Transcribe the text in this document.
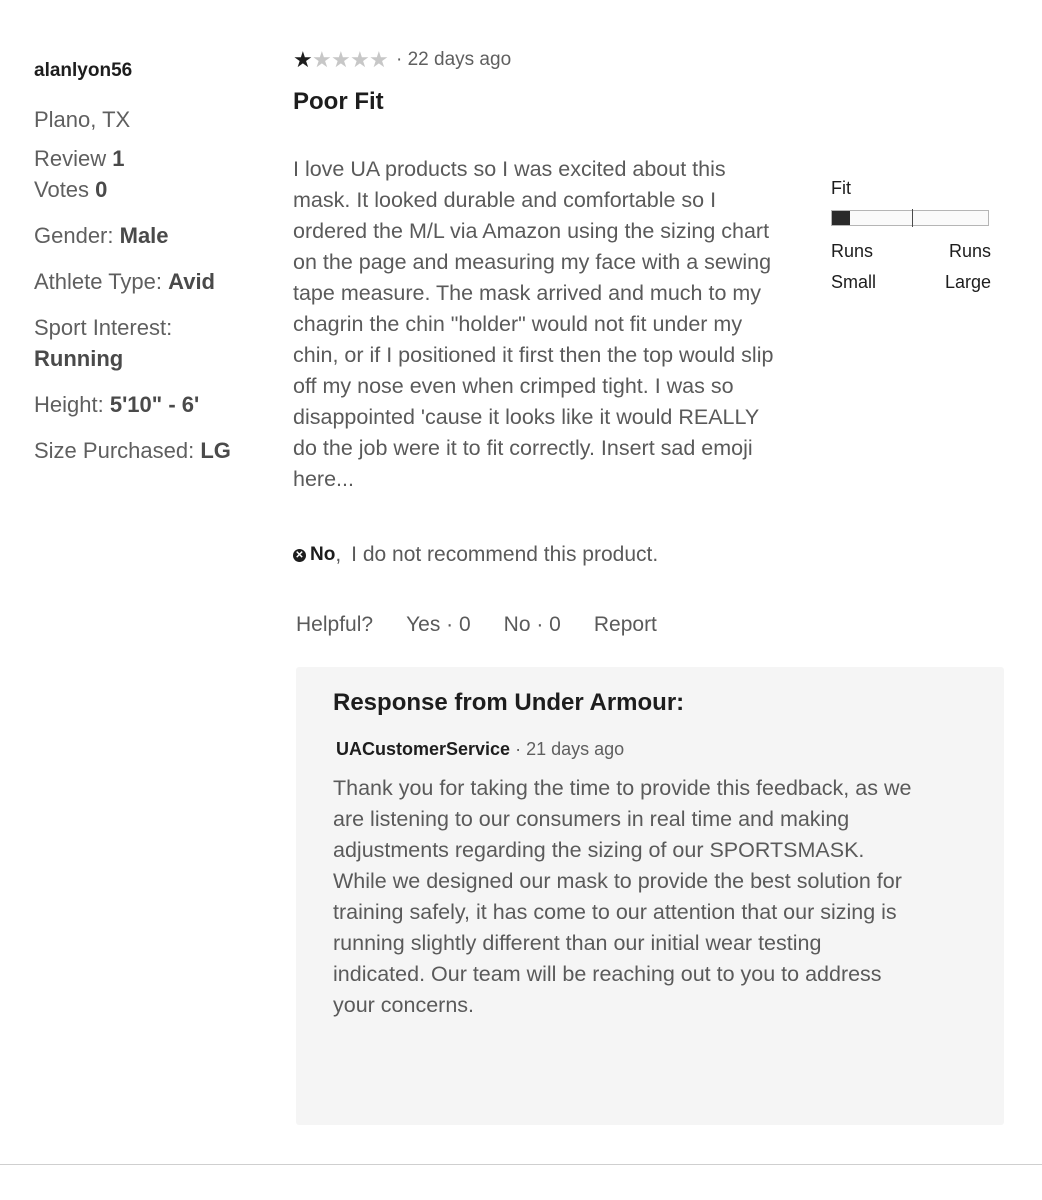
alanlyon56
Plano, TX
Review 1
Votes 0
Gender: Male
Athlete Type: Avid
Sport Interest:
Running
Height: 5'10" - 6'
Size Purchased: LG
★ ★ ★ ★ ★ · 22 days ago
Poor Fit
I love UA products so I was excited about this mask. It looked durable and comfortable so I ordered the M/L via Amazon using the sizing chart on the page and measuring my face with a sewing tape measure. The mask arrived and much to my chagrin the chin "holder" would not fit under my chin, or if I positioned it first then the top would slip off my nose even when crimped tight. I was so disappointed 'cause it looks like it would REALLY do the job were it to fit correctly. Insert sad emoji here...
✕ No , I do not recommend this product.
Fit
Runs
Small
Runs
Large
Helpful? Yes · 0 No · 0 Report
Response from Under Armour:
UACustomerService · 21 days ago
Thank you for taking the time to provide this feedback, as we are listening to our consumers in real time and making adjustments regarding the sizing of our SPORTSMASK. While we designed our mask to provide the best solution for training safely, it has come to our attention that our sizing is running slightly different than our initial wear testing indicated. Our team will be reaching out to you to address your concerns.
